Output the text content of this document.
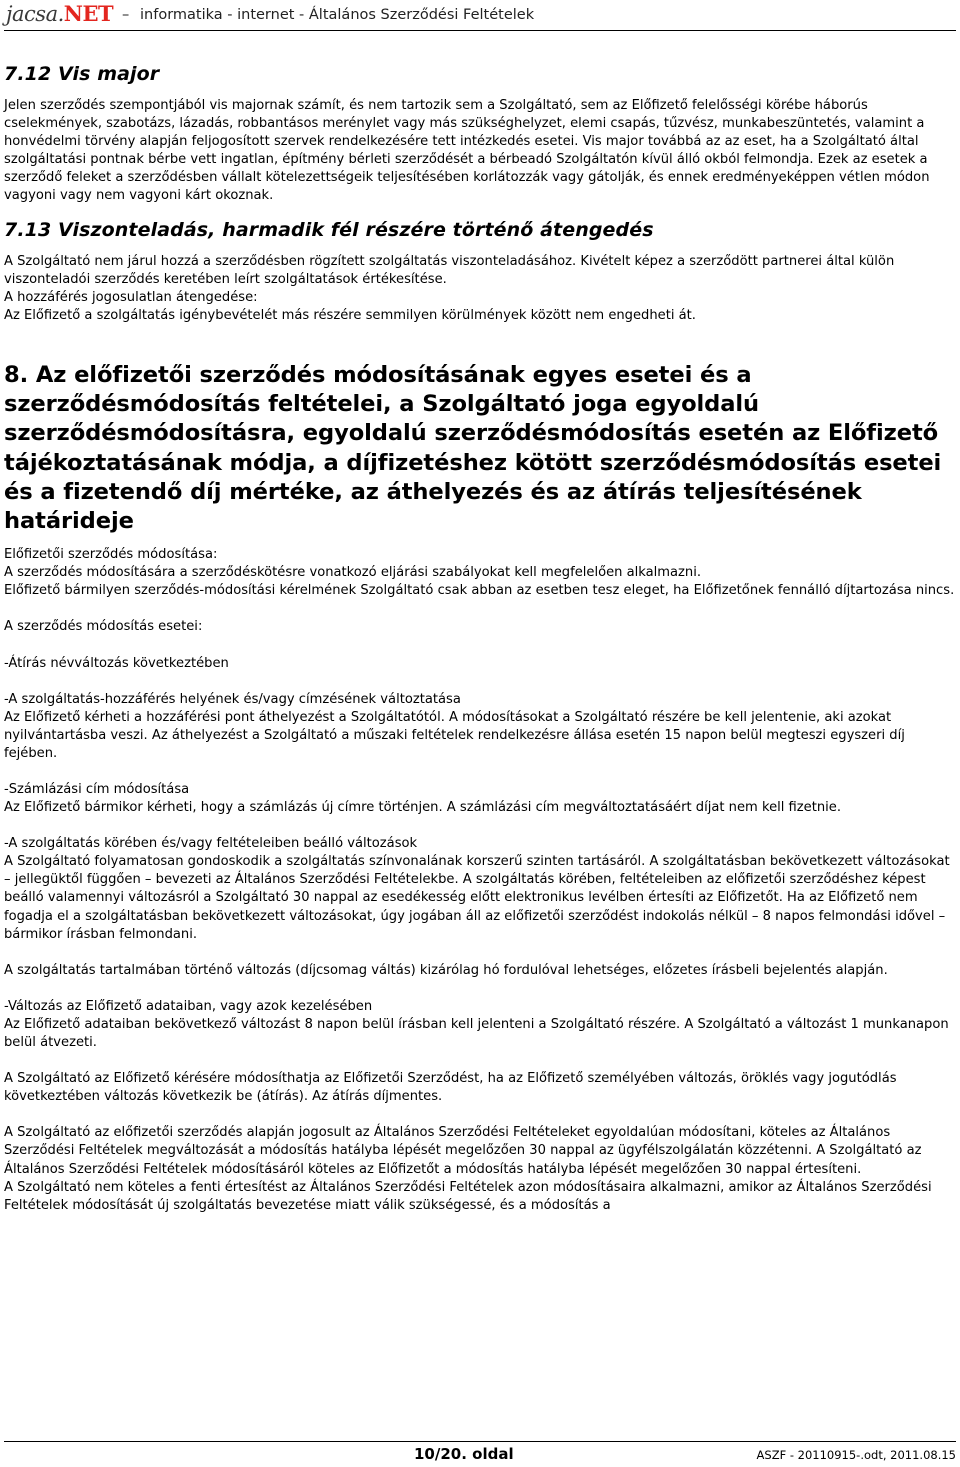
jacsa.NET – informatika - internet - Általános Szerződési Feltételek
7.12 Vis major

Jelen szerződés szempontjából vis majornak számít, és nem tartozik sem a Szolgáltató, sem az Előfizető felelősségi körébe háborús cselekmények, szabotázs, lázadás, robbantásos merénylet vagy más szükséghelyzet, elemi csapás, tűzvész, munkabeszüntetés, valamint a honvédelmi törvény alapján feljogosított szervek rendelkezésére tett intézkedés esetei. Vis major továbbá az az eset, ha a Szolgáltató által szolgáltatási pontnak bérbe vett ingatlan, építmény bérleti szerződését a bérbeadó Szolgáltatón kívül álló okból felmondja. Ezek az esetek a szerződő feleket a szerződésben vállalt kötelezettségeik teljesítésében korlátozzák vagy gátolják, és ennek eredményeképpen vétlen módon vagyoni vagy nem vagyoni kárt okoznak.

7.13 Viszonteladás, harmadik fél részére történő átengedés

A Szolgáltató nem járul hozzá a szerződésben rögzített szolgáltatás viszonteladásához. Kivételt képez a szerződött partnerei által külön viszonteladói szerződés keretében leírt szolgáltatások értékesítése.

A hozzáférés jogosulatlan átengedése:

Az Előfizető a szolgáltatás igénybevételét más részére semmilyen körülmények között nem engedheti át.

8. Az előfizetői szerződés módosításának egyes esetei és a szerződésmódosítás feltételei, a Szolgáltató joga egyoldalú szerződésmódosításra, egyoldalú szerződésmódosítás esetén az Előfizető tájékoztatásának módja, a díjfizetéshez kötött szerződésmódosítás esetei és a fizetendő díj mértéke, az áthelyezés és az átírás teljesítésének határideje

Előfizetői szerződés módosítása:

A szerződés módosítására a szerződéskötésre vonatkozó eljárási szabályokat kell megfelelően alkalmazni.

Előfizető bármilyen szerződés-módosítási kérelmének Szolgáltató csak abban az esetben tesz eleget, ha Előfizetőnek fennálló díjtartozása nincs.

A szerződés módosítás esetei:

-Átírás névváltozás következtében

-A szolgáltatás-hozzáférés helyének és/vagy címzésének változtatása

Az Előfizető kérheti a hozzáférési pont áthelyezést a Szolgáltatótól. A módosításokat a Szolgáltató részére be kell jelentenie, aki azokat nyilvántartásba veszi. Az áthelyezést a Szolgáltató a műszaki feltételek rendelkezésre állása esetén 15 napon belül megteszi egyszeri díj fejében.

-Számlázási cím módosítása

Az Előfizető bármikor kérheti, hogy a számlázás új címre történjen. A számlázási cím megváltoztatásáért díjat nem kell fizetnie.

-A szolgáltatás körében és/vagy feltételeiben beálló változások

A Szolgáltató folyamatosan gondoskodik a szolgáltatás színvonalának korszerű szinten tartásáról. A szolgáltatásban bekövetkezett változásokat – jellegüktől függően – bevezeti az Általános Szerződési Feltételekbe. A szolgáltatás körében, feltételeiben az előfizetői szerződéshez képest beálló valamennyi változásról a Szolgáltató 30 nappal az esedékesség előtt elektronikus levélben értesíti az Előfizetőt. Ha az Előfizető nem fogadja el a szolgáltatásban bekövetkezett változásokat, úgy jogában áll az előfizetői szerződést indokolás nélkül – 8 napos felmondási idővel – bármikor írásban felmondani.

A szolgáltatás tartalmában történő változás (díjcsomag váltás) kizárólag hó fordulóval lehetséges, előzetes írásbeli bejelentés alapján.

-Változás az Előfizető adataiban, vagy azok kezelésében

Az Előfizető adataiban bekövetkező változást 8 napon belül írásban kell jelenteni a Szolgáltató részére. A Szolgáltató a változást 1 munkanapon belül átvezeti.

A Szolgáltató az Előfizető kérésére módosíthatja az Előfizetői Szerződést, ha az Előfizető személyében változás, öröklés vagy jogutódlás következtében változás következik be (átírás). Az átírás díjmentes.

A Szolgáltató az előfizetői szerződés alapján jogosult az Általános Szerződési Feltételeket egyoldalúan módosítani, köteles az Általános Szerződési Feltételek megváltozását a módosítás hatályba lépését megelőzően 30 nappal az ügyfélszolgálatán közzétenni. A Szolgáltató az Általános Szerződési Feltételek módosításáról köteles az Előfizetőt a módosítás hatályba lépését megelőzően 30 nappal értesíteni.

A Szolgáltató nem köteles a fenti értesítést az Általános Szerződési Feltételek azon módosításaira alkalmazni, amikor az Általános Szerződési Feltételek módosítását új szolgáltatás bevezetése miatt válik szükségessé, és a módosítás a

10/20. oldal	ASZF - 20110915-.odt, 2011.08.15
